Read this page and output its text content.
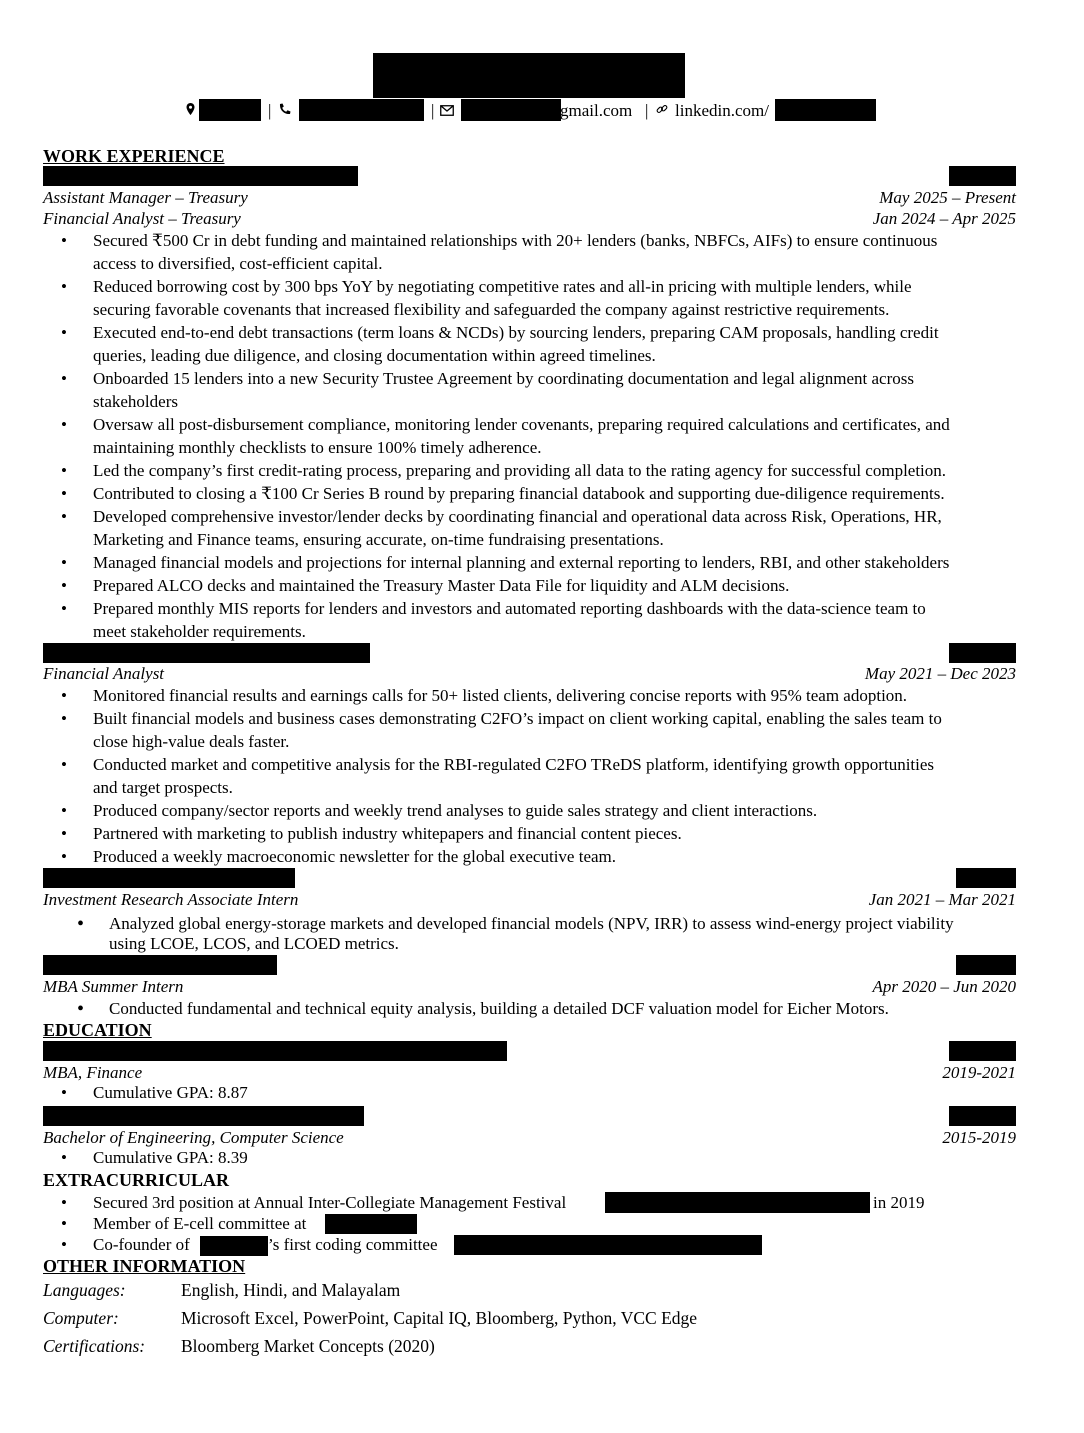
|	|	gmail.com | linkedin.com/
WORK EXPERIENCE
Assistant Manager – Treasury	May 2025 – Present
Financial Analyst – Treasury	Jan 2024 – Apr 2025
• Secured ₹500 Cr in debt funding and maintained relationships with 20+ lenders (banks, NBFCs, AIFs) to ensure continuous
access to diversified, cost-efficient capital.
• Reduced borrowing cost by 300 bps YoY by negotiating competitive rates and all-in pricing with multiple lenders, while
securing favorable covenants that increased flexibility and safeguarded the company against restrictive requirements.
• Executed end-to-end debt transactions (term loans & NCDs) by sourcing lenders, preparing CAM proposals, handling credit
queries, leading due diligence, and closing documentation within agreed timelines.
• Onboarded 15 lenders into a new Security Trustee Agreement by coordinating documentation and legal alignment across
stakeholders
• Oversaw all post-disbursement compliance, monitoring lender covenants, preparing required calculations and certificates, and
maintaining monthly checklists to ensure 100% timely adherence.
• Led the company’s first credit-rating process, preparing and providing all data to the rating agency for successful completion.
• Contributed to closing a ₹100 Cr Series B round by preparing financial databook and supporting due-diligence requirements.
• Developed comprehensive investor/lender decks by coordinating financial and operational data across Risk, Operations, HR,
Marketing and Finance teams, ensuring accurate, on-time fundraising presentations.
• Managed financial models and projections for internal planning and external reporting to lenders, RBI, and other stakeholders
• Prepared ALCO decks and maintained the Treasury Master Data File for liquidity and ALM decisions.
• Prepared monthly MIS reports for lenders and investors and automated reporting dashboards with the data-science team to
meet stakeholder requirements.
Financial Analyst	May 2021 – Dec 2023
• Monitored financial results and earnings calls for 50+ listed clients, delivering concise reports with 95% team adoption.
• Built financial models and business cases demonstrating C2FO’s impact on client working capital, enabling the sales team to
close high-value deals faster.
• Conducted market and competitive analysis for the RBI-regulated C2FO TReDS platform, identifying growth opportunities
and target prospects.
• Produced company/sector reports and weekly trend analyses to guide sales strategy and client interactions.
• Partnered with marketing to publish industry whitepapers and financial content pieces.
• Produced a weekly macroeconomic newsletter for the global executive team.
Investment Research Associate Intern	Jan 2021 – Mar 2021
• Analyzed global energy-storage markets and developed financial models (NPV, IRR) to assess wind-energy project viability
using LCOE, LCOS, and LCOED metrics.
MBA Summer Intern	Apr 2020 – Jun 2020
• Conducted fundamental and technical equity analysis, building a detailed DCF valuation model for Eicher Motors.
EDUCATION
MBA, Finance	2019-2021
• Cumulative GPA: 8.87
Bachelor of Engineering, Computer Science	2015-2019
• Cumulative GPA: 8.39
EXTRACURRICULAR
• Secured 3rd position at Annual Inter-Collegiate Management Festival	in 2019
• Member of E-cell committee at
• Co-founder of	’s first coding committee
OTHER INFORMATION
Languages:	English, Hindi, and Malayalam
Computer:	Microsoft Excel, PowerPoint, Capital IQ, Bloomberg, Python, VCC Edge
Certifications: Bloomberg Market Concepts (2020)
